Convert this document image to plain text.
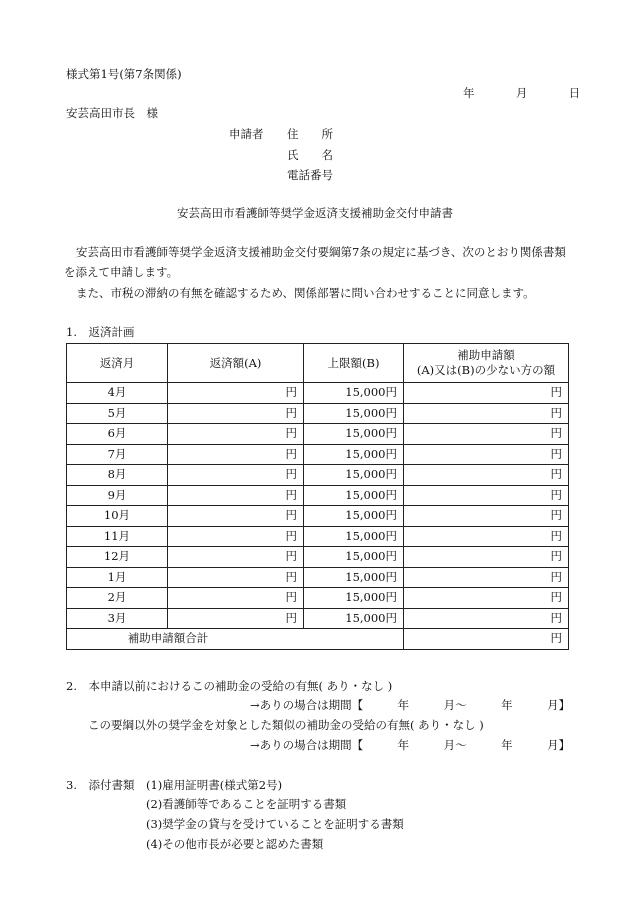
様式第1号(第7条関係)
年	月	日
安芸高田市長　様
申請者 住　　所
氏　　名
電話番号
安芸高田市看護師等奨学金返済支援補助金交付申請書
安芸高田市看護師等奨学金返済支援補助金交付要綱第7条の規定に基づき、次のとおり関係書類
を添えて申請します。
また、市税の滞納の有無を確認するため、関係部署に問い合わせすることに同意します。
1.　返済計画
返済月	返済額(A)	上限額(B)	補助申請額
(A)又は(B)の少ない方の額

4月	円	15,000円	円
5月	円	15,000円	円
6月	円	15,000円	円
7月	円	15,000円	円
8月	円	15,000円	円
9月	円	15,000円	円
10月	円	15,000円	円
11月	円	15,000円	円
12月	円	15,000円	円
1月	円	15,000円	円
2月	円	15,000円	円
3月	円	15,000円	円
補助申請額合計			円
2.　本申請以前におけるこの補助金の受給の有無( あり・なし )
→ありの場合は期間【　　　年　　　月～　　　年　　　月】
この要綱以外の奨学金を対象とした類似の補助金の受給の有無( あり・なし )
→ありの場合は期間【　　　年　　　月～　　　年　　　月】
3.　添付書類 (1)雇用証明書(様式第2号)
(2)看護師等であることを証明する書類
(3)奨学金の貸与を受けていることを証明する書類
(4)その他市長が必要と認めた書類
